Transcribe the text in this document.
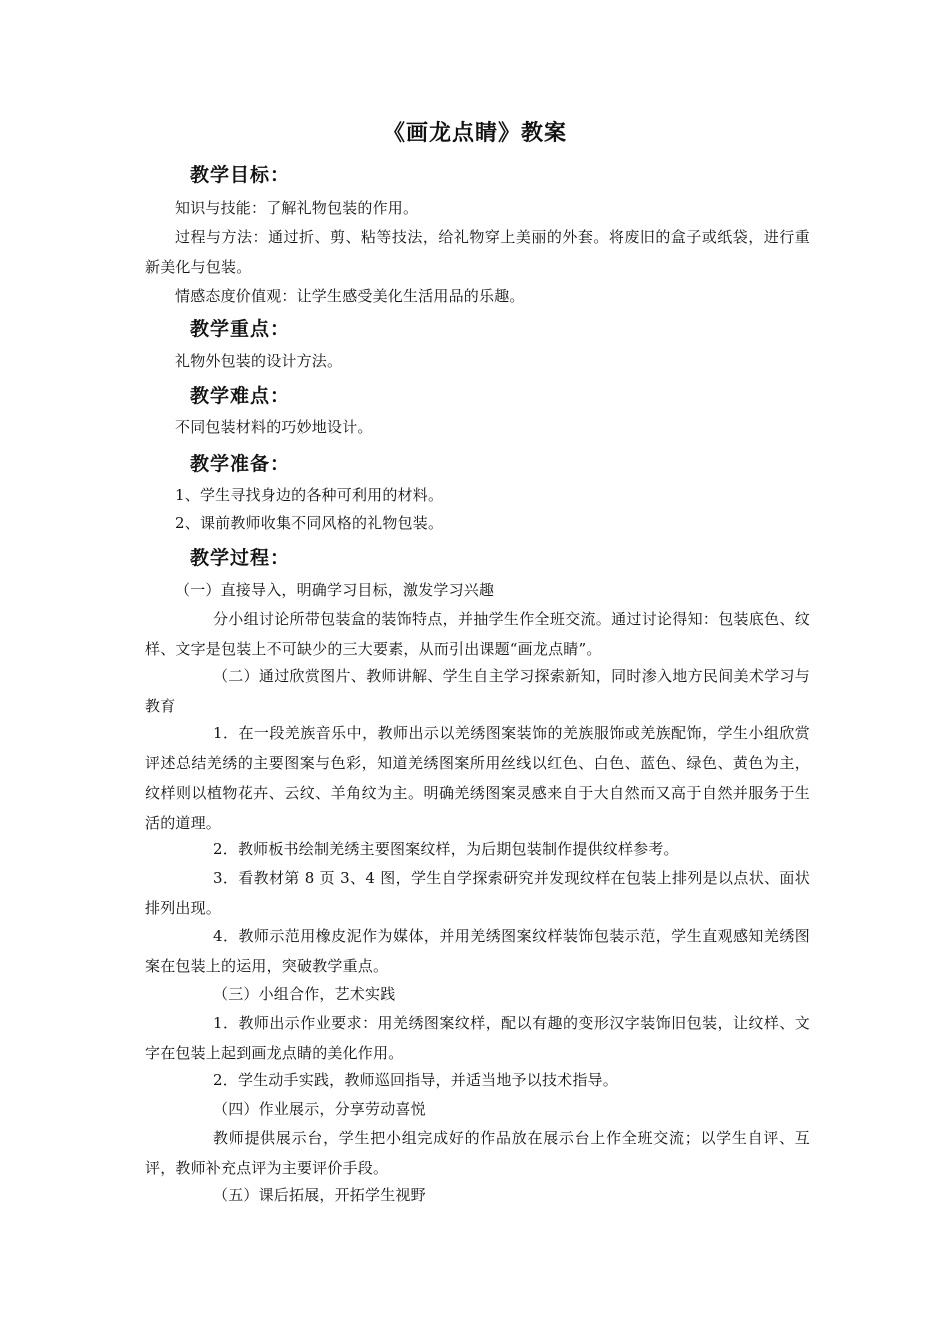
《画龙点睛》教案
教学目标：
知识与技能：了解礼物包装的作用。
过程与方法：通过折、剪、粘等技法，给礼物穿上美丽的外套。将废旧的盒子或纸袋，进行重新美化与包装。
情感态度价值观：让学生感受美化生活用品的乐趣。
教学重点：
礼物外包装的设计方法。
教学难点：
不同包装材料的巧妙地设计。
教学准备：
1、学生寻找身边的各种可利用的材料。
2、课前教师收集不同风格的礼物包装。
教学过程：
（一）直接导入，明确学习目标，激发学习兴趣
分小组讨论所带包装盒的装饰特点，并抽学生作全班交流。通过讨论得知：包装底色、纹样、文字是包装上不可缺少的三大要素，从而引出课题“画龙点睛”。
（二）通过欣赏图片、教师讲解、学生自主学习探索新知，同时渗入地方民间美术学习与教育
1．在一段羌族音乐中，教师出示以羌绣图案装饰的羌族服饰或羌族配饰，学生小组欣赏评述总结羌绣的主要图案与色彩，知道羌绣图案所用丝线以红色、白色、蓝色、绿色、黄色为主，纹样则以植物花卉、云纹、羊角纹为主。明确羌绣图案灵感来自于大自然而又高于自然并服务于生活的道理。
2．教师板书绘制羌绣主要图案纹样，为后期包装制作提供纹样参考。
3．看教材第 8 页 3、4 图，学生自学探索研究并发现纹样在包装上排列是以点状、面状排列出现。
4．教师示范用橡皮泥作为媒体，并用羌绣图案纹样装饰包装示范，学生直观感知羌绣图案在包装上的运用，突破教学重点。
（三）小组合作，艺术实践
1．教师出示作业要求：用羌绣图案纹样，配以有趣的变形汉字装饰旧包装，让纹样、文字在包装上起到画龙点睛的美化作用。
2．学生动手实践，教师巡回指导，并适当地予以技术指导。
（四）作业展示，分享劳动喜悦
教师提供展示台，学生把小组完成好的作品放在展示台上作全班交流；以学生自评、互评，教师补充点评为主要评价手段。
（五）课后拓展，开拓学生视野
